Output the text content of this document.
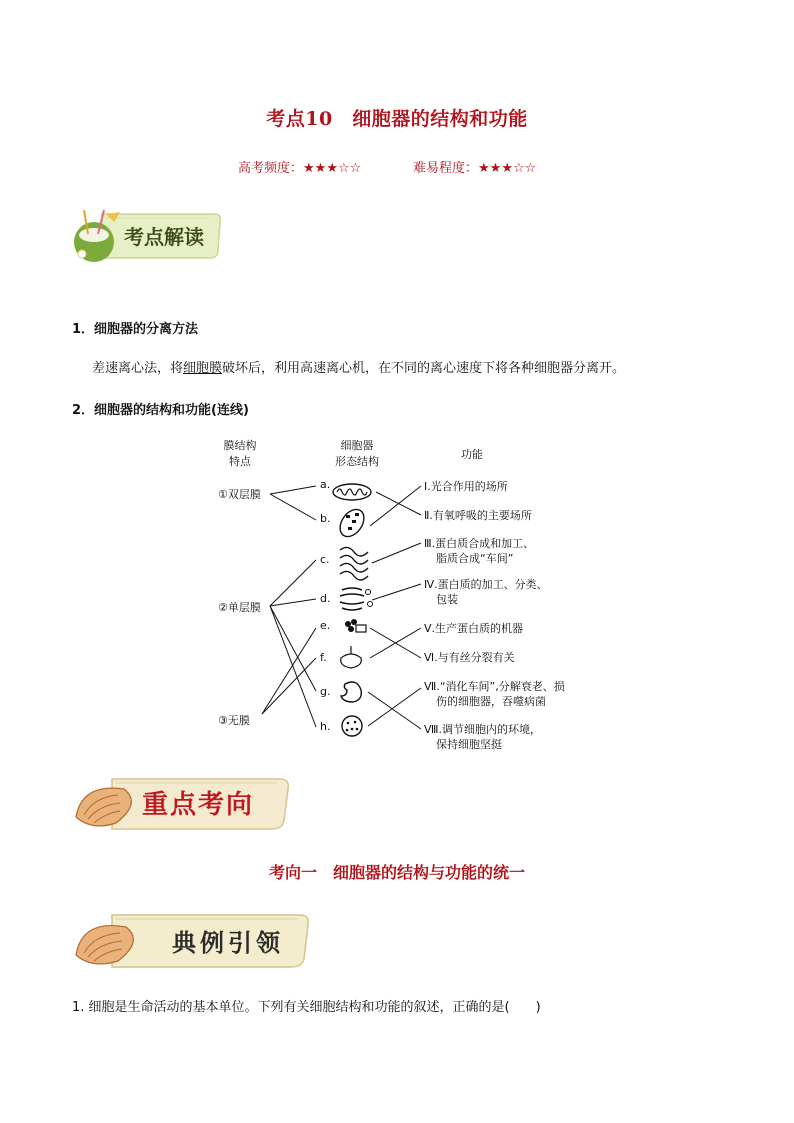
考点10　细胞器的结构和功能
高考频度：★★★☆☆	难易程度：★★★☆☆
考点解读
1．细胞器的分离方法
差速离心法，将细胞膜破坏后，利用高速离心机，在不同的离心速度下将各种细胞器分离开。
2．细胞器的结构和功能(连线)
膜结构
特点
细胞器
形态结构
功能
①双层膜
②单层膜
③无膜
a.
b.
c.
d.
e.
f.
g.
h.
Ⅰ.光合作用的场所
Ⅱ.有氧呼吸的主要场所
Ⅲ.蛋白质合成和加工、
脂质合成“车间”
Ⅳ.蛋白质的加工、分类、
包装
Ⅴ.生产蛋白质的机器
Ⅵ.与有丝分裂有关
Ⅶ.“消化车间”,分解衰老、损
伤的细胞器，吞噬病菌
Ⅷ.调节细胞内的环境，
保持细胞坚挺
重点考向
考向一　细胞器的结构与功能的统一
典例引领
1. 细胞是生命活动的基本单位。下列有关细胞结构和功能的叙述，正确的是(　　)
